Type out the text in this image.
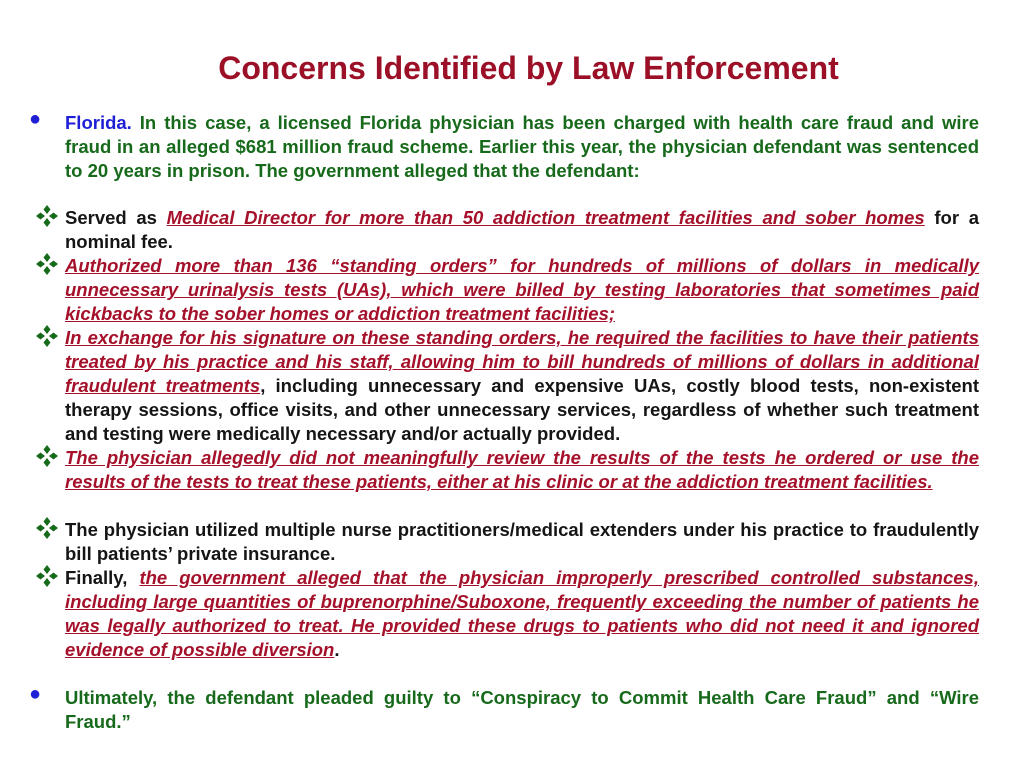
Concerns Identified by Law Enforcement
● Florida. In this case, a licensed Florida physician has been charged with health care fraud and wire fraud in an alleged $681 million fraud scheme. Earlier this year, the physician defendant was sentenced to 20 years in prison. The government alleged that the defendant:
Served as Medical Director for more than 50 addiction treatment facilities and sober homes for a nominal fee.
Authorized more than 136 “standing orders” for hundreds of millions of dollars in medically unnecessary urinalysis tests (UAs), which were billed by testing laboratories that sometimes paid kickbacks to the sober homes or addiction treatment facilities;
In exchange for his signature on these standing orders, he required the facilities to have their patients treated by his practice and his staff, allowing him to bill hundreds of millions of dollars in additional fraudulent treatments, including unnecessary and expensive UAs, costly blood tests, non-existent therapy sessions, office visits, and other unnecessary services, regardless of whether such treatment and testing were medically necessary and/or actually provided.
The physician allegedly did not meaningfully review the results of the tests he ordered or use the results of the tests to treat these patients, either at his clinic or at the addiction treatment facilities.
The physician utilized multiple nurse practitioners/medical extenders under his practice to fraudulently bill patients’ private insurance.
Finally, the government alleged that the physician improperly prescribed controlled substances, including large quantities of buprenorphine/Suboxone, frequently exceeding the number of patients he was legally authorized to treat. He provided these drugs to patients who did not need it and ignored evidence of possible diversion.
● Ultimately, the defendant pleaded guilty to “Conspiracy to Commit Health Care Fraud” and “Wire Fraud.”
